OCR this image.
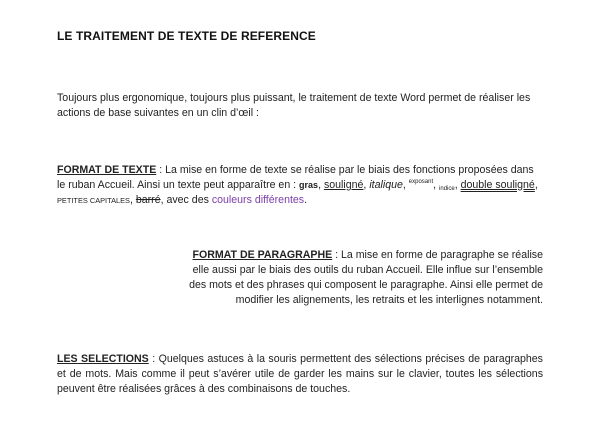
LE TRAITEMENT DE TEXTE DE REFERENCE
Toujours plus ergonomique, toujours plus puissant, le traitement de texte Word permet de réaliser les actions de base suivantes en un clin d’œil :
FORMAT DE TEXTE : La mise en forme de texte se réalise par le biais des fonctions proposées dans le ruban Accueil. Ainsi un texte peut apparaître en : gras, souligné, italique, $^{exposant}$, indice, double souligné,
PETITES CAPITALES, barré, avec des couleurs différentes.
FORMAT DE PARAGRAPHE : La mise en forme de paragraphe se réalise elle aussi par le biais des outils du ruban Accueil. Elle influe sur l’ensemble des mots et des phrases qui composent le paragraphe. Ainsi elle permet de modifier les alignements, les retraits et les interlignes notamment.
LES SELECTIONS : Quelques astuces à la souris permettent des sélections précises de paragraphes et de mots. Mais comme il peut s’avérer utile de garder les mains sur le clavier, toutes les sélections peuvent être réalisées grâces à des combinaisons de touches.
